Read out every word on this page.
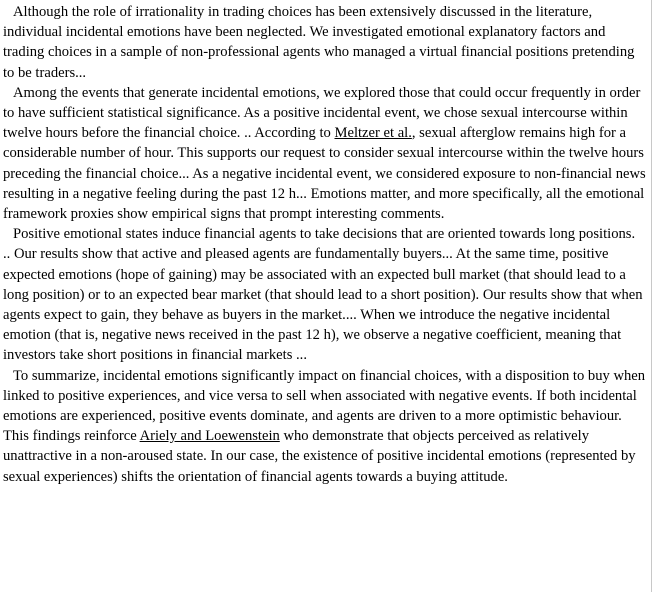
Although the role of irrationality in trading choices has been extensively discussed in the literature, individual incidental emotions have been neglected. We investigated emotional explanatory factors and trading choices in a sample of non-professional agents who managed a virtual financial positions pretending to be traders...

Among the events that generate incidental emotions, we explored those that could occur frequently in order to have sufficient statistical significance. As a positive incidental event, we chose sexual intercourse within twelve hours before the financial choice. .. According to Meltzer et al., sexual afterglow remains high for a considerable number of hour. This supports our request to consider sexual intercourse within the twelve hours preceding the financial choice... As a negative incidental event, we considered exposure to non-financial news resulting in a negative feeling during the past 12 h... Emotions matter, and more specifically, all the emotional framework proxies show empirical signs that prompt interesting comments.

Positive emotional states induce financial agents to take decisions that are oriented towards long positions. .. Our results show that active and pleased agents are fundamentally buyers... At the same time, positive expected emotions (hope of gaining) may be associated with an expected bull market (that should lead to a long position) or to an expected bear market (that should lead to a short position). Our results show that when agents expect to gain, they behave as buyers in the market.... When we introduce the negative incidental emotion (that is, negative news received in the past 12 h), we observe a negative coefficient, meaning that investors take short positions in financial markets ...

To summarize, incidental emotions significantly impact on financial choices, with a disposition to buy when linked to positive experiences, and vice versa to sell when associated with negative events. If both incidental emotions are experienced, positive events dominate, and agents are driven to a more optimistic behaviour. This findings reinforce Ariely and Loewenstein who demonstrate that objects perceived as relatively unattractive in a non-aroused state. In our case, the existence of positive incidental emotions (represented by sexual experiences) shifts the orientation of financial agents towards a buying attitude.
